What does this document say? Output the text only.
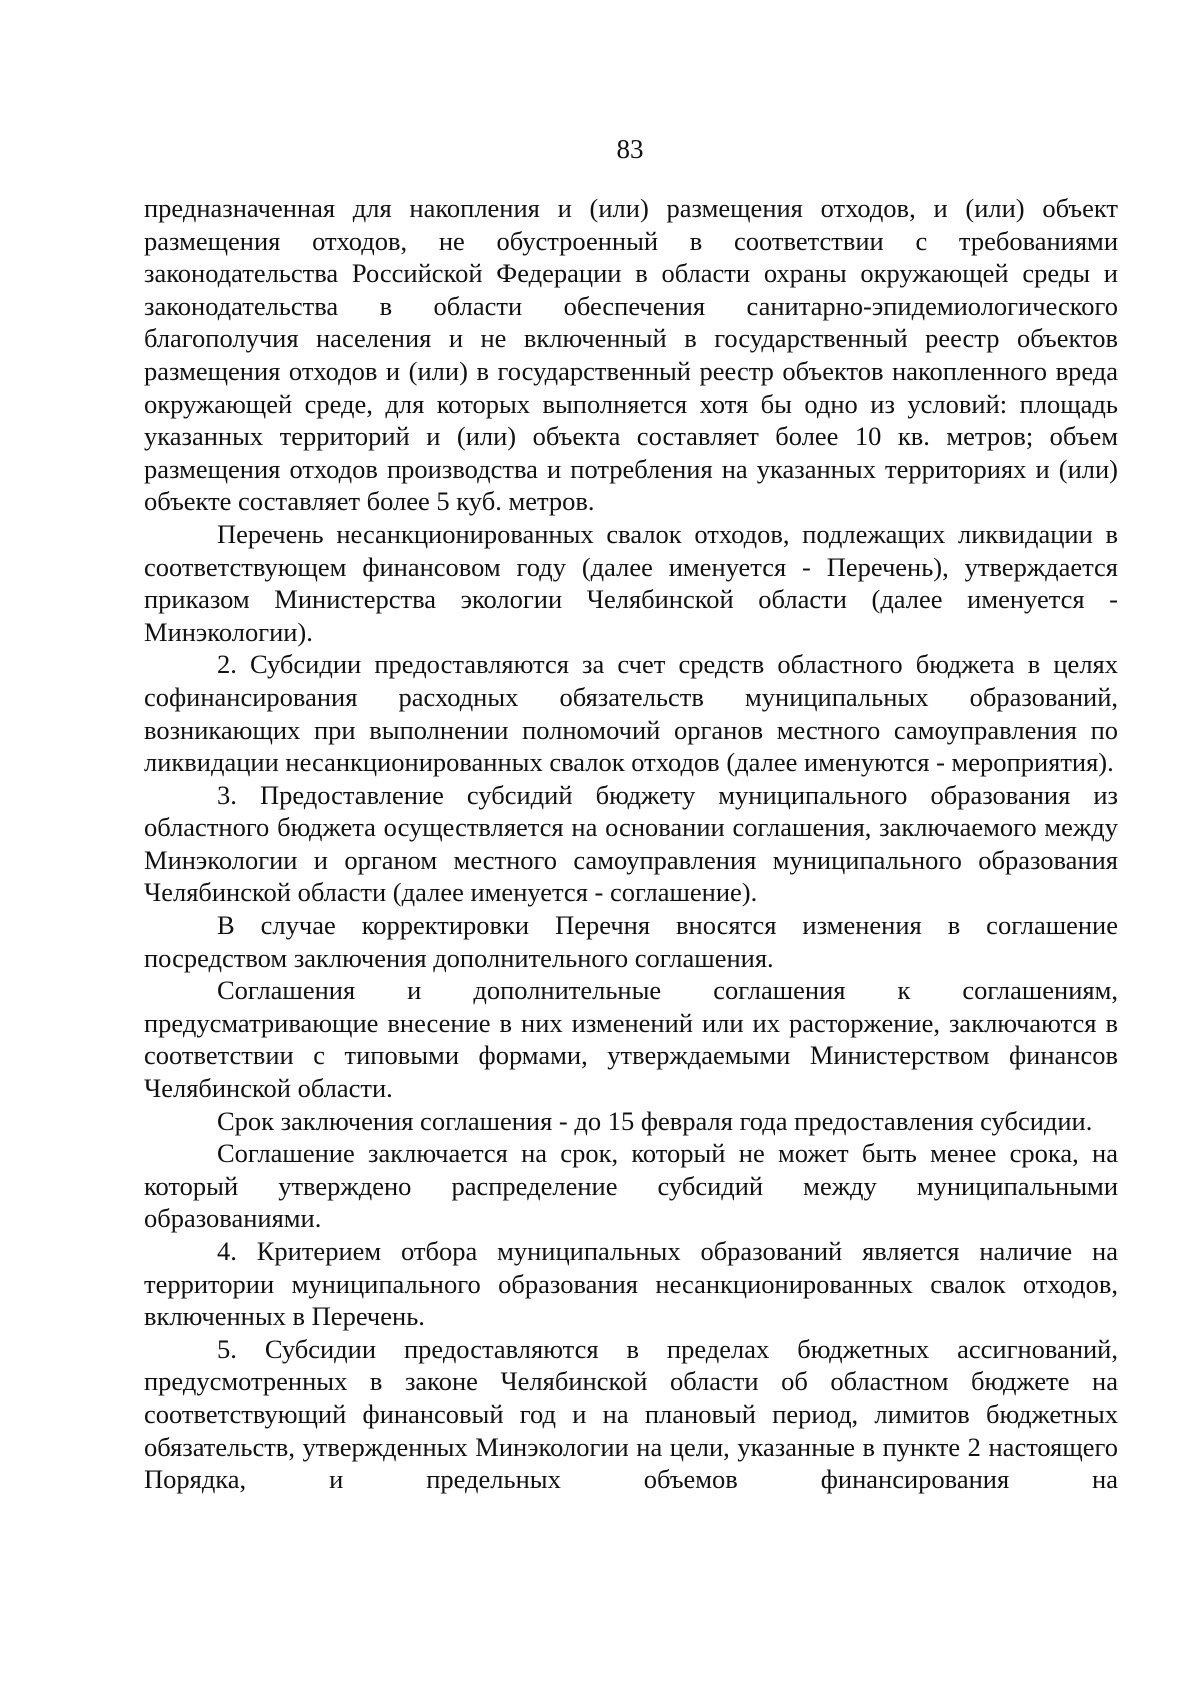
83

предназначенная для накопления и (или) размещения отходов, и (или) объект размещения отходов, не обустроенный в соответствии с требованиями законодательства Российской Федерации в области охраны окружающей среды и законодательства в области обеспечения санитарно-эпидемиологического благополучия населения и не включенный в государственный реестр объектов размещения отходов и (или) в государственный реестр объектов накопленного вреда окружающей среде, для которых выполняется хотя бы одно из условий: площадь указанных территорий и (или) объекта составляет более 10 кв. метров; объем размещения отходов производства и потребления на указанных территориях и (или) объекте составляет более 5 куб. метров.

Перечень несанкционированных свалок отходов, подлежащих ликвидации в соответствующем финансовом году (далее именуется - Перечень), утверждается приказом Министерства экологии Челябинской области (далее именуется - Минэкологии).

2. Субсидии предоставляются за счет средств областного бюджета в целях софинансирования расходных обязательств муниципальных образований, возникающих при выполнении полномочий органов местного самоуправления по ликвидации несанкционированных свалок отходов (далее именуются - мероприятия).

3. Предоставление субсидий бюджету муниципального образования из областного бюджета осуществляется на основании соглашения, заключаемого между Минэкологии и органом местного самоуправления муниципального образования Челябинской области (далее именуется - соглашение).

В случае корректировки Перечня вносятся изменения в соглашение посредством заключения дополнительного соглашения.

Соглашения и дополнительные соглашения к соглашениям, предусматривающие внесение в них изменений или их расторжение, заключаются в соответствии с типовыми формами, утверждаемыми Министерством финансов Челябинской области.

Срок заключения соглашения - до 15 февраля года предоставления субсидии.

Соглашение заключается на срок, который не может быть менее срока, на который утверждено распределение субсидий между муниципальными образованиями.

4. Критерием отбора муниципальных образований является наличие на территории муниципального образования несанкционированных свалок отходов, включенных в Перечень.

5. Субсидии предоставляются в пределах бюджетных ассигнований, предусмотренных в законе Челябинской области об областном бюджете на соответствующий финансовый год и на плановый период, лимитов бюджетных обязательств, утвержденных Минэкологии на цели, указанные в пункте 2 настоящего Порядка, и предельных объемов финансирования на
